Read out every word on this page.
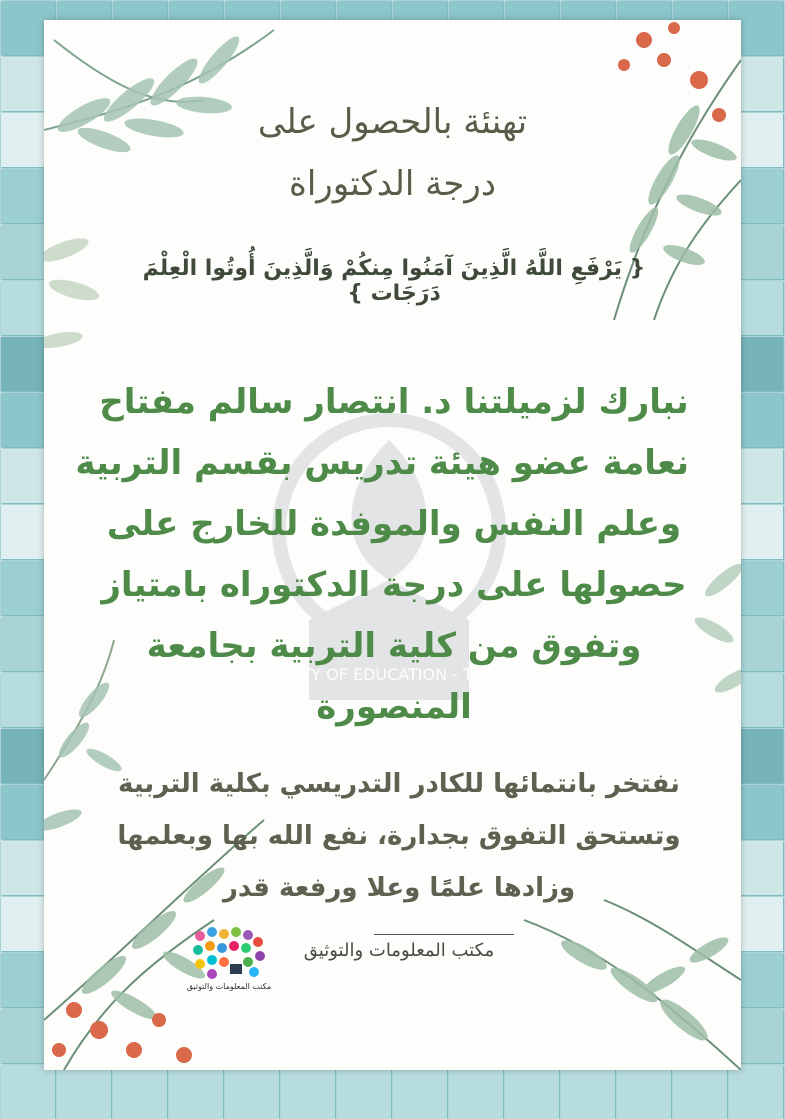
FACULTY OF EDUCATION - TRIPOLI
تهنئة بالحصول على
درجة الدكتوراة
{ يَرْفَعِ اللَّهُ الَّذِينَ آمَنُوا مِنكُمْ وَالَّذِينَ أُوتُوا الْعِلْمَ دَرَجَات }
نبارك لزميلتنا د. انتصار سالم مفتاح
نعامة عضو هيئة تدريس بقسم التربية
وعلم النفس والموفدة للخارج على
حصولها على درجة الدكتوراه بامتياز
وتفوق من كلية التربية بجامعة
المنصورة
نفتخر بانتمائها للكادر التدريسي بكلية التربية
وتستحق التفوق بجدارة، نفع الله بها وبعلمها
وزادها علمًا وعلا ورفعة قدر
مكتب المعلومات والتوثيق
مكتب المعلومات والتوثيق
